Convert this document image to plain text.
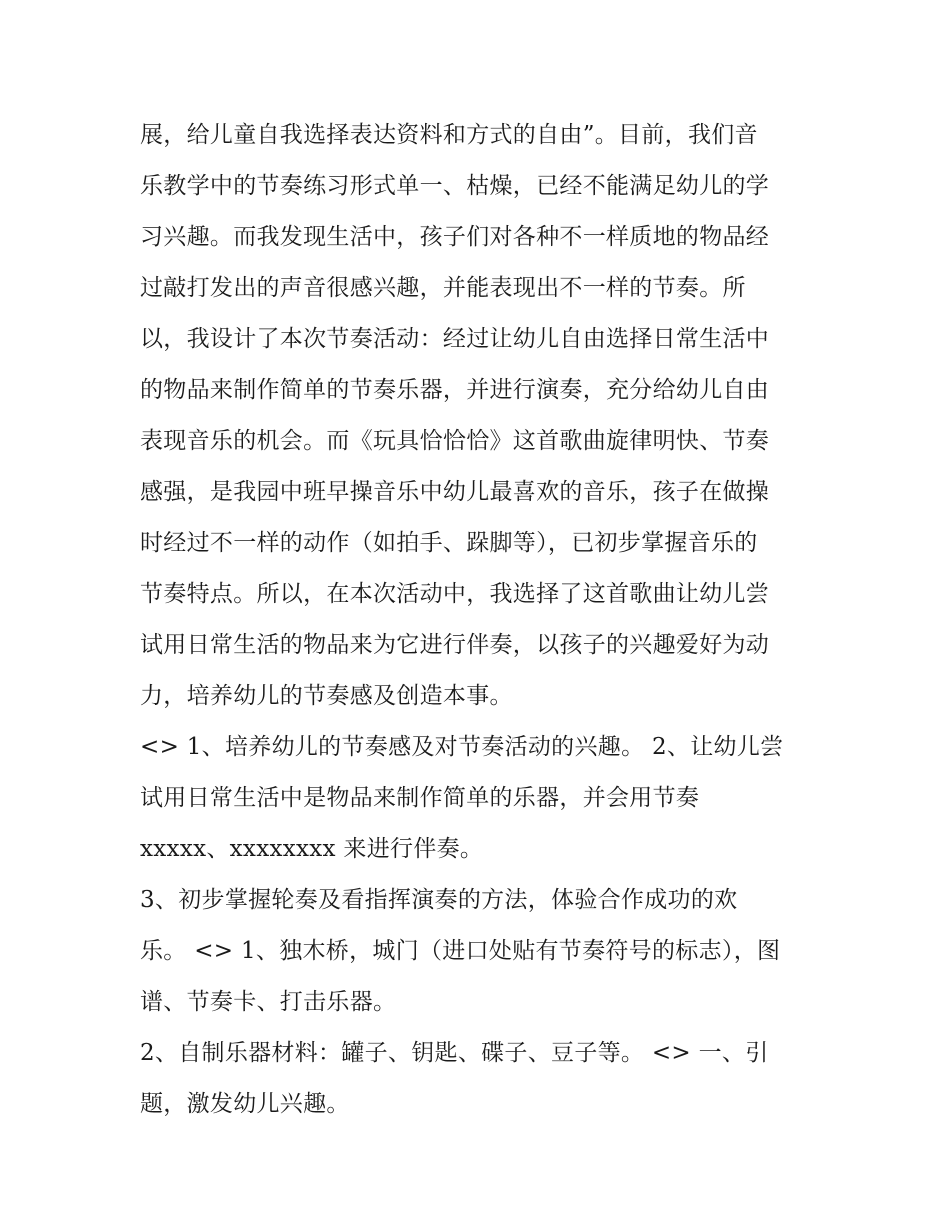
展，给儿童自我选择表达资料和方式的自由”。目前，我们音
乐教学中的节奏练习形式单一、枯燥，已经不能满足幼儿的学
习兴趣。而我发现生活中，孩子们对各种不一样质地的物品经
过敲打发出的声音很感兴趣，并能表现出不一样的节奏。所
以，我设计了本次节奏活动：经过让幼儿自由选择日常生活中
的物品来制作简单的节奏乐器，并进行演奏，充分给幼儿自由
表现音乐的机会。而《玩具恰恰恰》这首歌曲旋律明快、节奏
感强，是我园中班早操音乐中幼儿最喜欢的音乐，孩子在做操
时经过不一样的动作（如拍手、跺脚等），已初步掌握音乐的
节奏特点。所以，在本次活动中，我选择了这首歌曲让幼儿尝
试用日常生活的物品来为它进行伴奏，以孩子的兴趣爱好为动
力，培养幼儿的节奏感及创造本事。
<> 1、培养幼儿的节奏感及对节奏活动的兴趣。 2、让幼儿尝
试用日常生活中是物品来制作简单的乐器，并会用节奏
xxxxx、xxxxxxxx 来进行伴奏。
3、初步掌握轮奏及看指挥演奏的方法，体验合作成功的欢
乐。 <> 1、独木桥，城门（进口处贴有节奏符号的标志），图
谱、节奏卡、打击乐器。
2、自制乐器材料：罐子、钥匙、碟子、豆子等。 <> 一、引
题，激发幼儿兴趣。
